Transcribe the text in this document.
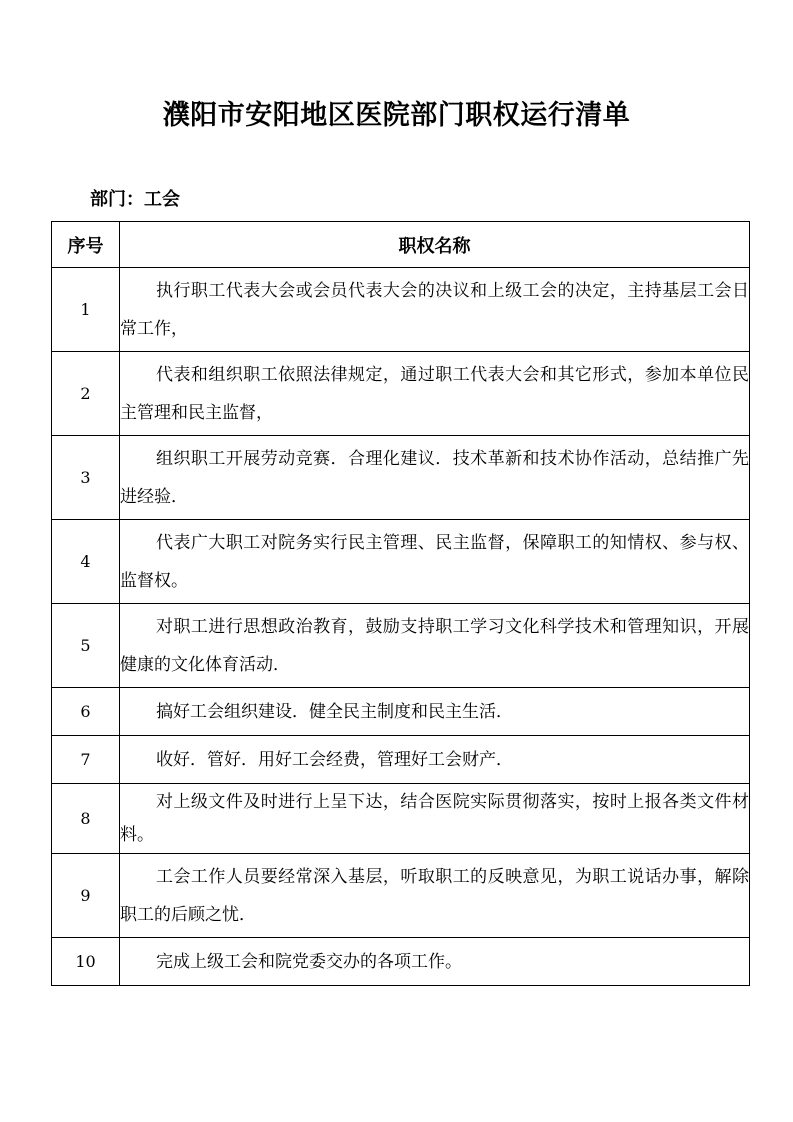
濮阳市安阳地区医院部门职权运行清单
部门：工会
序号	职权名称
1	执行职工代表大会或会员代表大会的决议和上级工会的决定，主持基层工会日常工作，
2	代表和组织职工依照法律规定，通过职工代表大会和其它形式，参加本单位民主管理和民主监督，
3	组织职工开展劳动竞赛．合理化建议．技术革新和技术协作活动，总结推广先进经验．
4	代表广大职工对院务实行民主管理、民主监督，保障职工的知情权、参与权、监督权。
5	对职工进行思想政治教育，鼓励支持职工学习文化科学技术和管理知识，开展健康的文化体育活动．
6	搞好工会组织建设．健全民主制度和民主生活．
7	收好．管好．用好工会经费，管理好工会财产．
8	对上级文件及时进行上呈下达，结合医院实际贯彻落实，按时上报各类文件材料。
9	工会工作人员要经常深入基层，听取职工的反映意见，为职工说话办事，解除职工的后顾之忧．
10	完成上级工会和院党委交办的各项工作。
